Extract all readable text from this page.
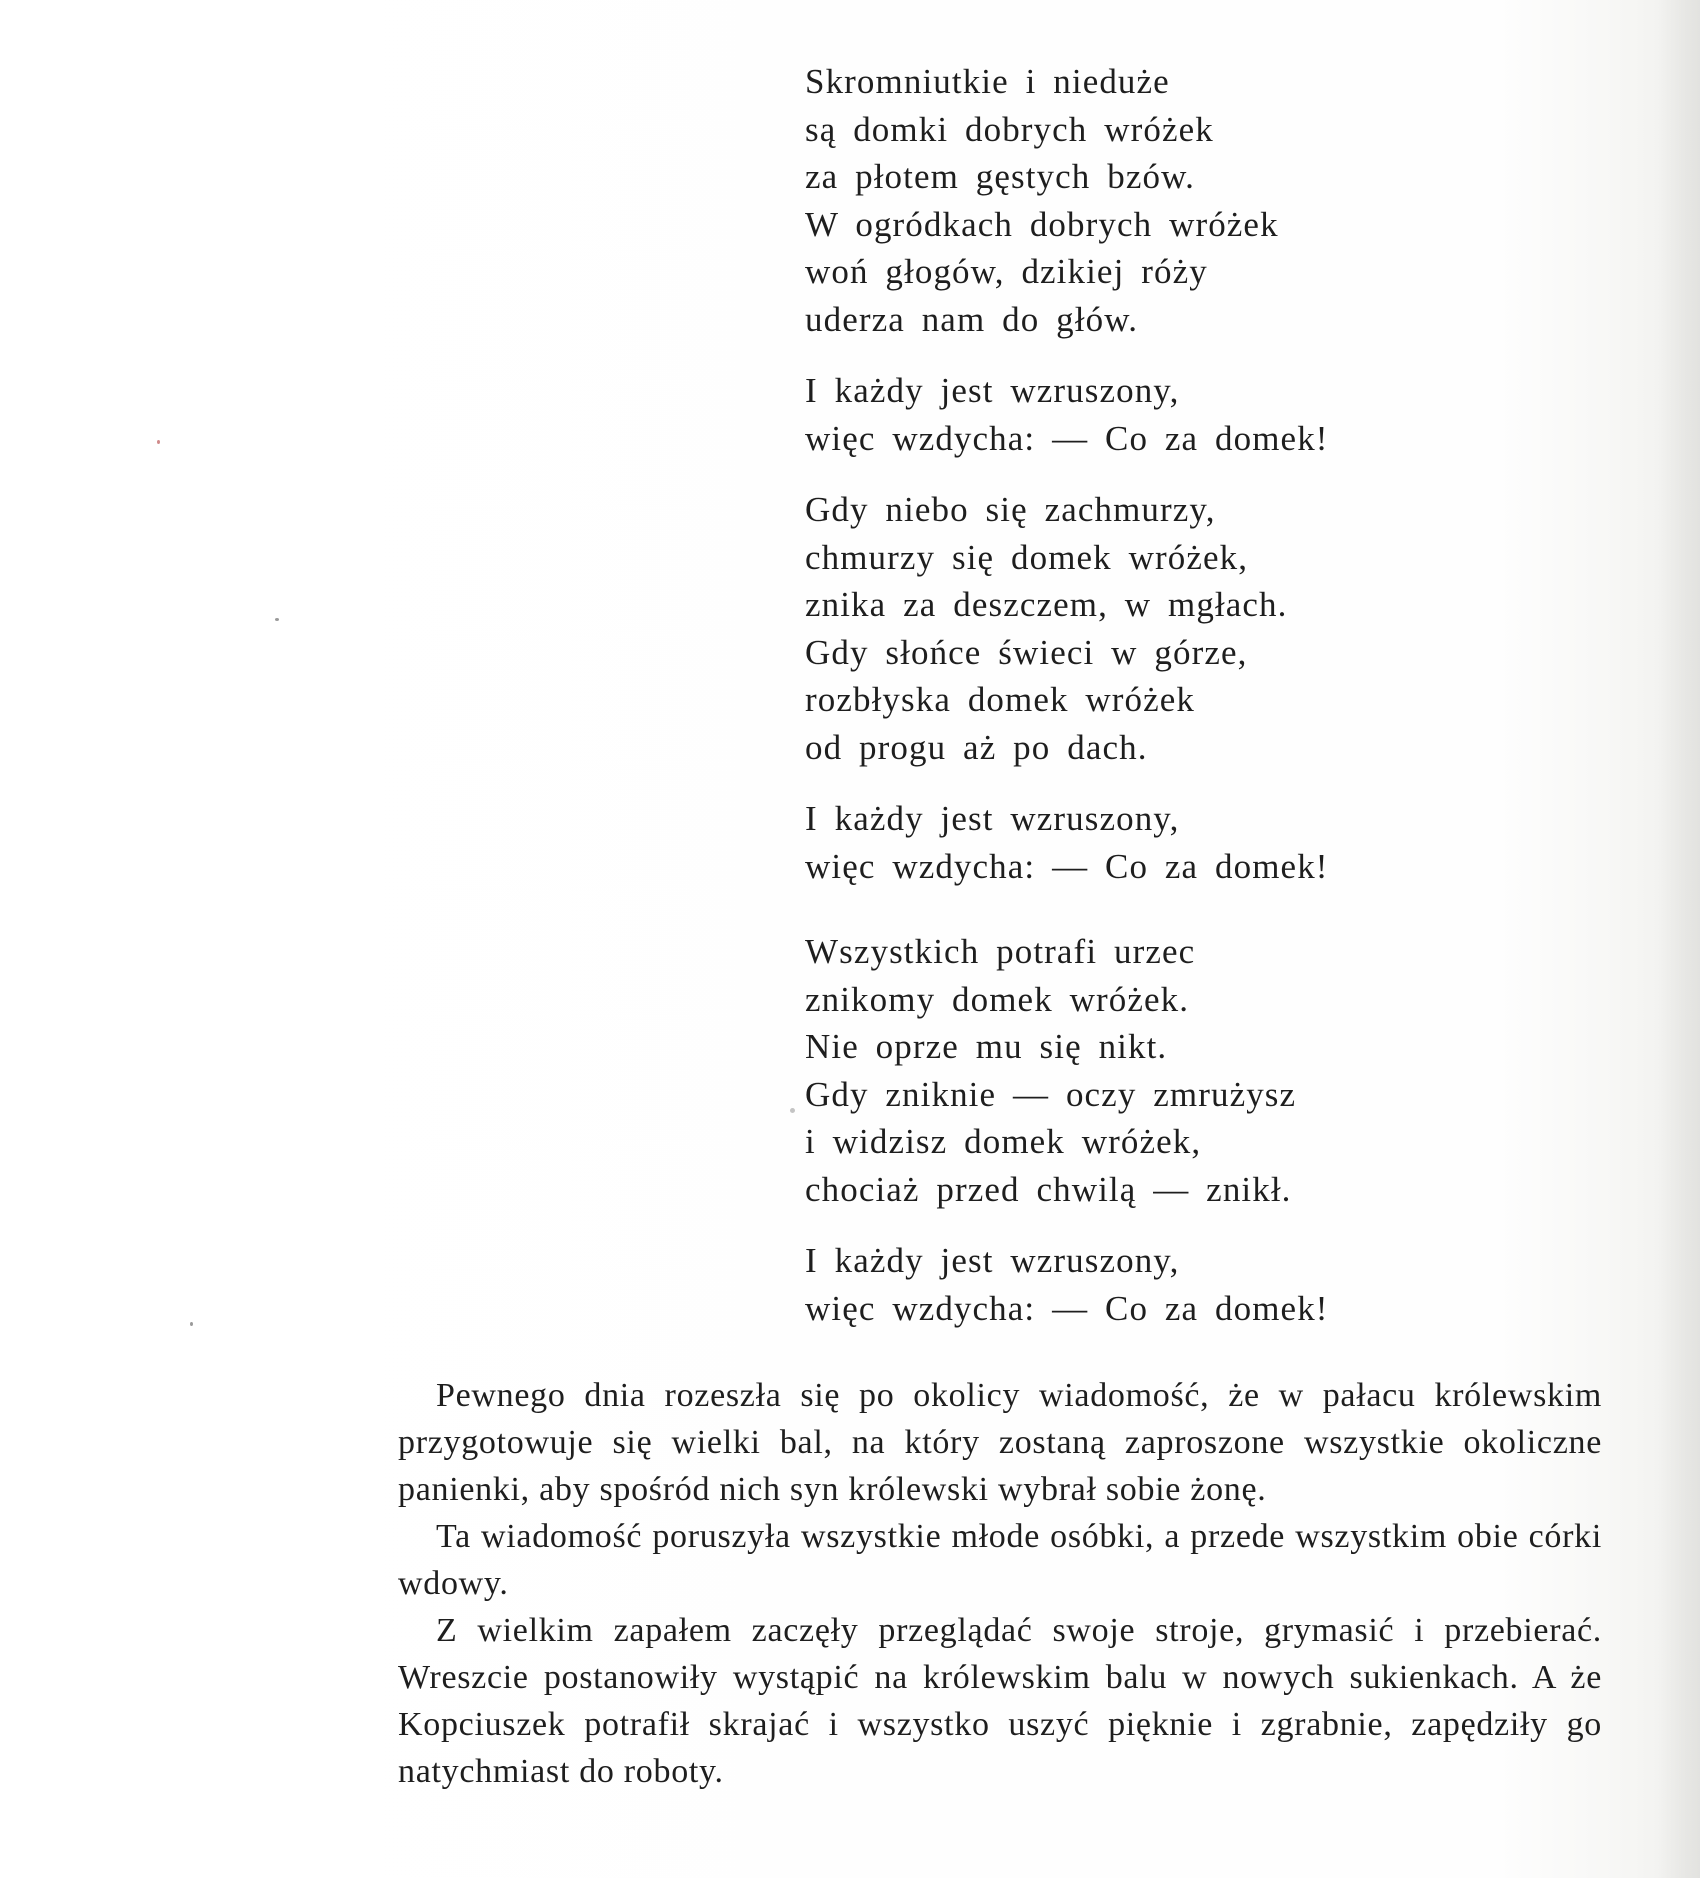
Skromniutkie i nieduże
są domki dobrych wróżek
za płotem gęstych bzów.
W ogródkach dobrych wróżek
woń głogów, dzikiej róży
uderza nam do głów.
I każdy jest wzruszony,
więc wzdycha: — Co za domek!
Gdy niebo się zachmurzy,
chmurzy się domek wróżek,
znika za deszczem, w mgłach.
Gdy słońce świeci w górze,
rozbłyska domek wróżek
od progu aż po dach.
I każdy jest wzruszony,
więc wzdycha: — Co za domek!
Wszystkich potrafi urzec
znikomy domek wróżek.
Nie oprze mu się nikt.
Gdy zniknie — oczy zmrużysz
i widzisz domek wróżek,
chociaż przed chwilą — znikł.
I każdy jest wzruszony,
więc wzdycha: — Co za domek!

Pewnego dnia rozeszła się po okolicy wiadomość, że w pałacu królewskim przygotowuje się wielki bal, na który zostaną zaproszone wszystkie okoliczne panienki, aby spośród nich syn królewski wybrał sobie żonę.

Ta wiadomość poruszyła wszystkie młode osóbki, a przede wszystkim obie córki wdowy.

Z wielkim zapałem zaczęły przeglądać swoje stroje, grymasić i przebierać. Wreszcie postanowiły wystąpić na królewskim balu w nowych sukienkach. A że Kopciuszek potrafił skrajać i wszystko uszyć pięknie i zgrabnie, zapędziły go natychmiast do roboty.
